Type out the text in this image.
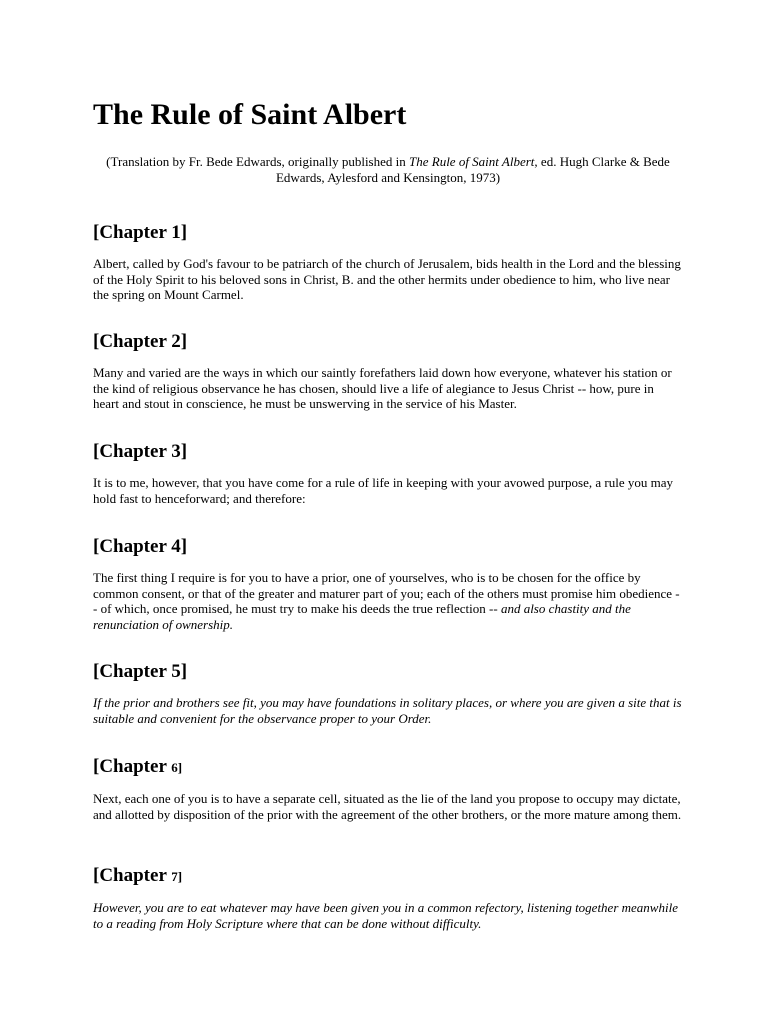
The Rule of Saint Albert

(Translation by Fr. Bede Edwards, originally published in The Rule of Saint Albert, ed. Hugh Clarke & Bede Edwards, Aylesford and Kensington, 1973)

[Chapter 1]

Albert, called by God's favour to be patriarch of the church of Jerusalem, bids health in the Lord and the blessing of the Holy Spirit to his beloved sons in Christ, B. and the other hermits under obedience to him, who live near the spring on Mount Carmel.

[Chapter 2]

Many and varied are the ways in which our saintly forefathers laid down how everyone, whatever his station or the kind of religious observance he has chosen, should live a life of alegiance to Jesus Christ -- how, pure in heart and stout in conscience, he must be unswerving in the service of his Master.

[Chapter 3]

It is to me, however, that you have come for a rule of life in keeping with your avowed purpose, a rule you may hold fast to henceforward; and therefore:

[Chapter 4]

The first thing I require is for you to have a prior, one of yourselves, who is to be chosen for the office by common consent, or that of the greater and maturer part of you; each of the others must promise him obedience -- of which, once promised, he must try to make his deeds the true reflection -- and also chastity and the renunciation of ownership.

[Chapter 5]

If the prior and brothers see fit, you may have foundations in solitary places, or where you are given a site that is suitable and convenient for the observance proper to your Order.

[Chapter 6]

Next, each one of you is to have a separate cell, situated as the lie of the land you propose to occupy may dictate, and allotted by disposition of the prior with the agreement of the other brothers, or the more mature among them.

[Chapter 7]

However, you are to eat whatever may have been given you in a common refectory, listening together meanwhile to a reading from Holy Scripture where that can be done without difficulty.
